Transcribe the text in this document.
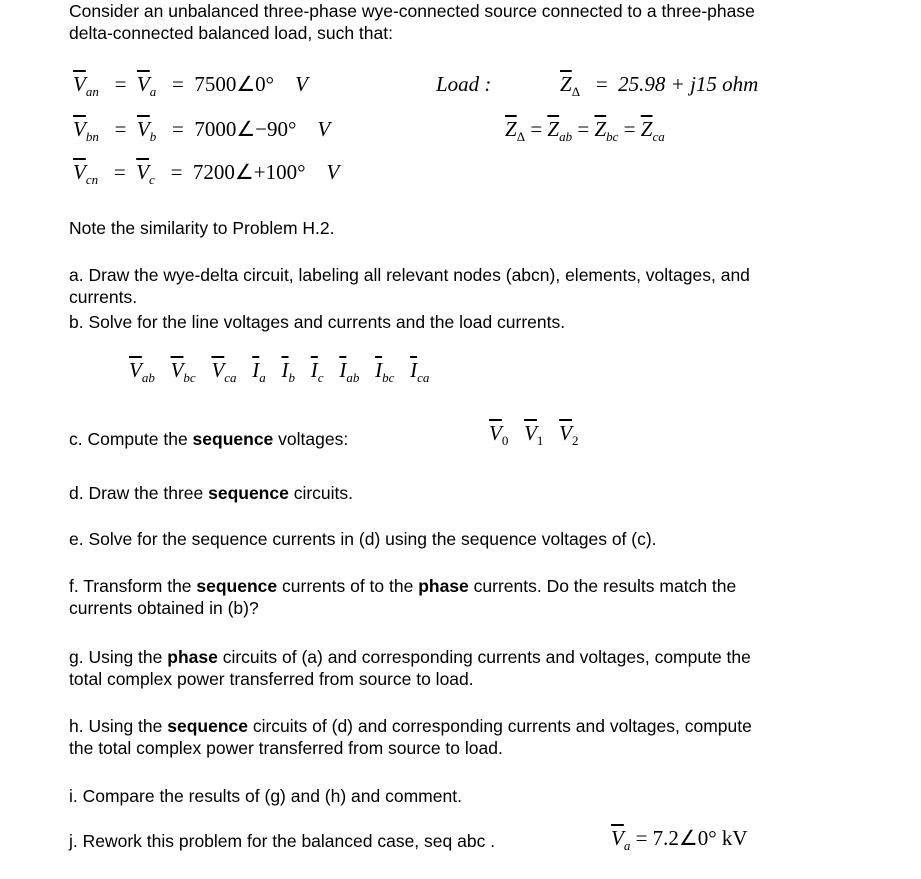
Consider an unbalanced three-phase wye-connected source connected to a three-phase
delta-connected balanced load, such that:
$\overline{V}_{an} = \overline{V}_a$   =  7500∠0° V
$\overline{V}_{bn} = \overline{V}_b$   =  7000∠−90° V
$\overline{V}_{cn} = \overline{V}_c$   =  7200∠+100° V
Load :	$\overline{Z}_\Delta = 25.98 + j15$ ohm
$\overline{Z}_\Delta = \overline{Z}_{ab} = \overline{Z}_{bc} = \overline{Z}_{ca}$
Note the similarity to Problem H.2.
a. Draw the wye-delta circuit, labeling all relevant nodes (abcn), elements, voltages, and
currents.
b. Solve for the line voltages and currents and the load currents.
$\overline{V}_{ab}$ $\overline{V}_{bc}$ $\overline{V}_{ca}$ $\overline{I}_a$ $\overline{I}_b$ $\overline{I}_c$ $\overline{I}_{ab}$ $\overline{I}_{bc}$ $\overline{I}_{ca}$
c. Compute the sequence voltages:	$\overline{V}_0$ $\overline{V}_1$ $\overline{V}_2$
d. Draw the three sequence circuits.
e. Solve for the sequence currents in (d) using the sequence voltages of (c).
f. Transform the sequence currents of to the phase currents. Do the results match the
currents obtained in (b)?
g. Using the phase circuits of (a) and corresponding currents and voltages, compute the
total complex power transferred from source to load.
h. Using the sequence circuits of (d) and corresponding currents and voltages, compute
the total complex power transferred from source to load.
i. Compare the results of (g) and (h) and comment.
j. Rework this problem for the balanced case, seq abc .	$\overline{V}_a$ = 7.2∠0° kV
